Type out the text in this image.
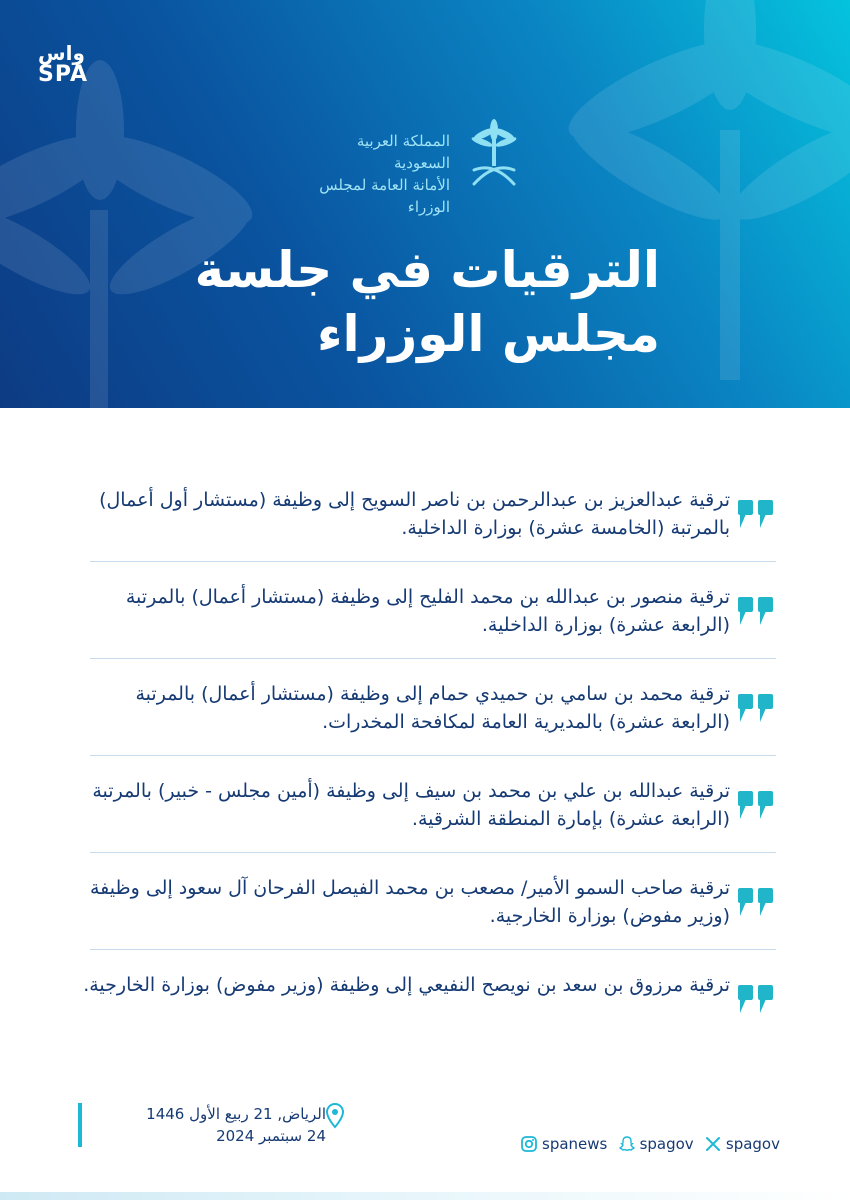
واس
SPA
المملكة العربية السعودية
الأمانة العامة لمجلس الوزراء
الترقيات في جلسة
مجلس الوزراء
ترقية عبدالعزيز بن عبدالرحمن بن ناصر السويح إلى وظيفة (مستشار أول أعمال) بالمرتبة (الخامسة عشرة) بوزارة الداخلية.
ترقية منصور بن عبدالله بن محمد الفليح إلى وظيفة (مستشار أعمال) بالمرتبة (الرابعة عشرة) بوزارة الداخلية.
ترقية محمد بن سامي بن حميدي حمام إلى وظيفة (مستشار أعمال) بالمرتبة (الرابعة عشرة) بالمديرية العامة لمكافحة المخدرات.
ترقية عبدالله بن علي بن محمد بن سيف إلى وظيفة (أمين مجلس - خبير) بالمرتبة (الرابعة عشرة) بإمارة المنطقة الشرقية.
ترقية صاحب السمو الأمير/ مصعب بن محمد الفيصل الفرحان آل سعود إلى وظيفة (وزير مفوض) بوزارة الخارجية.
ترقية مرزوق بن سعد بن نويصح النفيعي إلى وظيفة (وزير مفوض) بوزارة الخارجية.
الرياض, 21 ربيع الأول 1446
24 سبتمبر 2024	spanews spagov spagov
